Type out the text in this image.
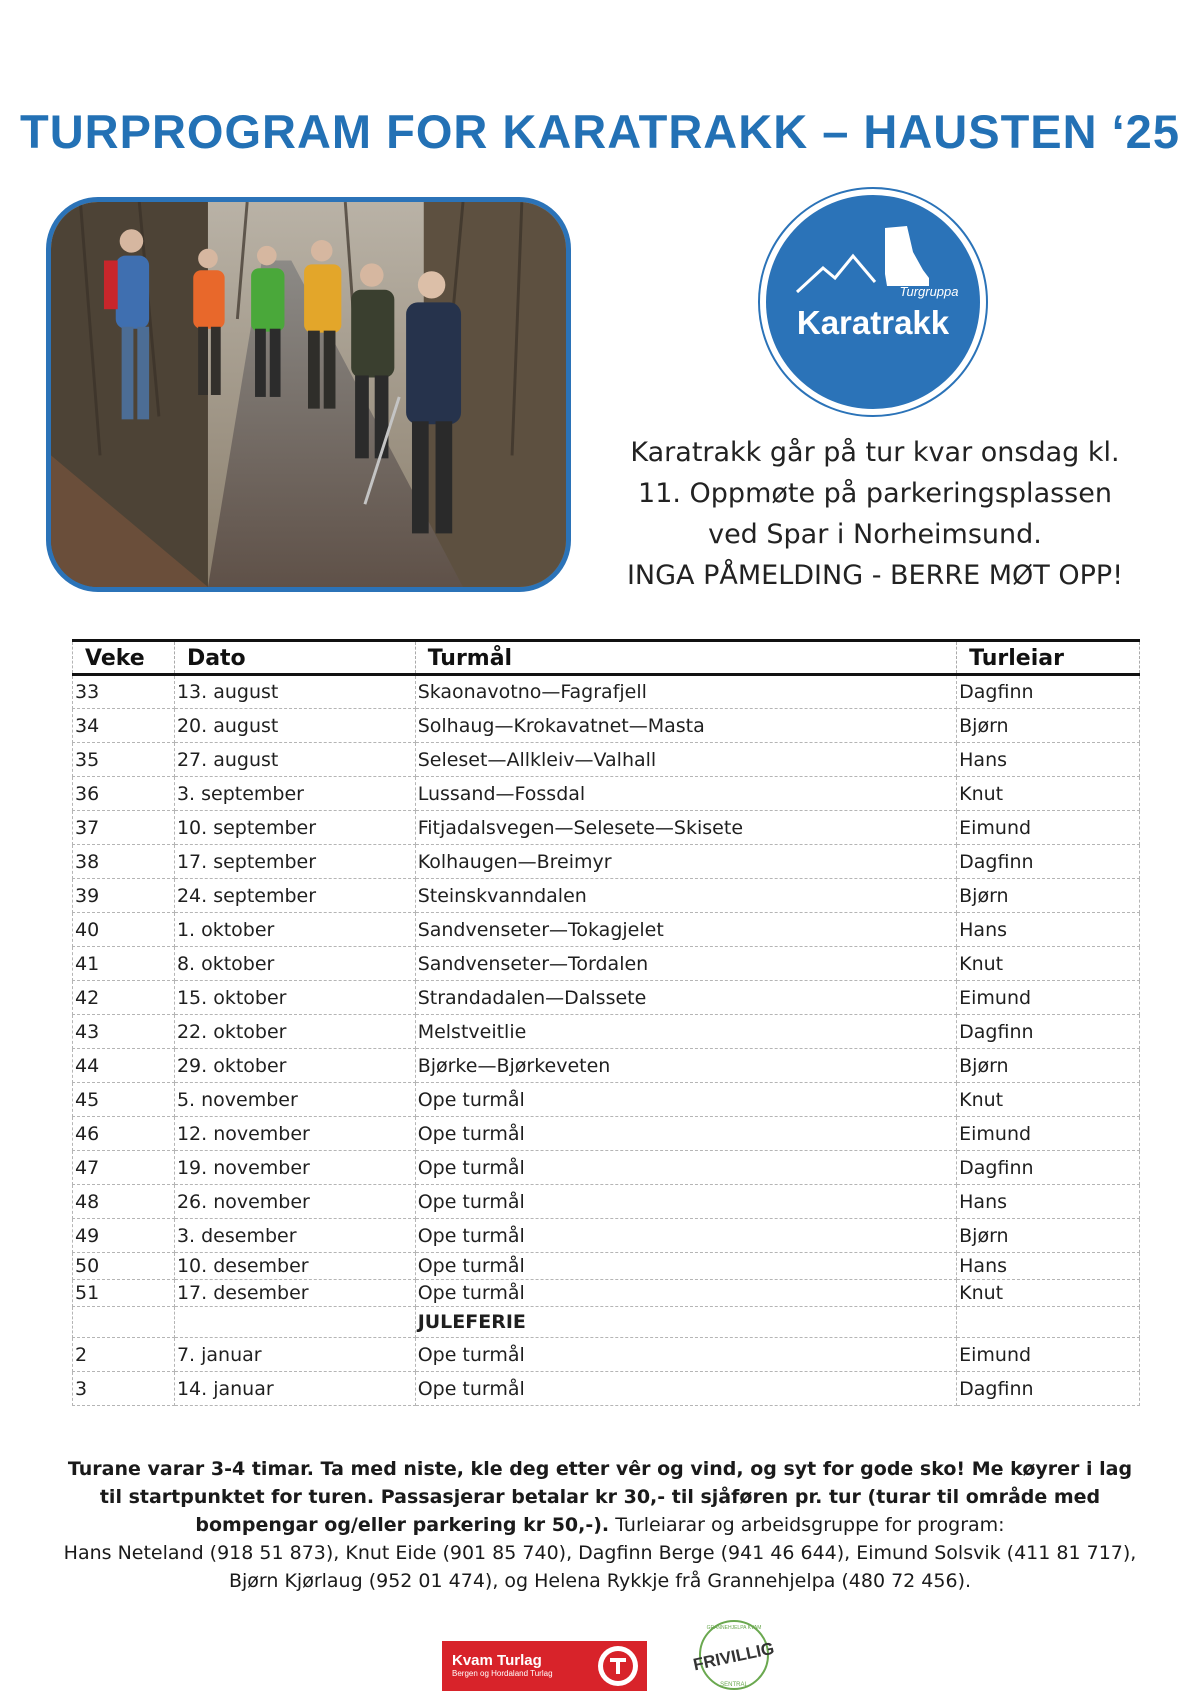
TURPROGRAM FOR KARATRAKK – HAUSTEN ‘25
Turgruppa
Karatrakk
Karatrakk går på tur kvar onsdag kl.
11. Oppmøte på parkeringsplassen
ved Spar i Norheimsund.
INGA PÅMELDING - BERRE MØT OPP!
Veke	Dato	Turmål	Turleiar
33	13. august	Skaonavotno—Fagrafjell	Dagfinn
34	20. august	Solhaug—Krokavatnet—Masta	Bjørn
35	27. august	Seleset—Allkleiv—Valhall	Hans
36	3. september	Lussand—Fossdal	Knut
37	10. september	Fitjadalsvegen—Selesete—Skisete	Eimund
38	17. september	Kolhaugen—Breimyr	Dagfinn
39	24. september	Steinskvanndalen	Bjørn
40	1. oktober	Sandvenseter—Tokagjelet	Hans
41	8. oktober	Sandvenseter—Tordalen	Knut
42	15. oktober	Strandadalen—Dalssete	Eimund
43	22. oktober	Melstveitlie	Dagfinn
44	29. oktober	Bjørke—Bjørkeveten	Bjørn
45	5. november	Ope turmål	Knut
46	12. november	Ope turmål	Eimund
47	19. november	Ope turmål	Dagfinn
48	26. november	Ope turmål	Hans
49	3. desember	Ope turmål	Bjørn
50	10. desember	Ope turmål	Hans
51	17. desember	Ope turmål	Knut
		JULEFERIE	
2	7. januar	Ope turmål	Eimund
3	14. januar	Ope turmål	Dagfinn
Turane varar 3-4 timar. Ta med niste, kle deg etter vêr og vind, og syt for gode sko! Me køyrer i lag til startpunktet for turen. Passasjerar betalar kr 30,- til sjåføren pr. tur (turar til område med bompengar og/eller parkering kr 50,-). Turleiarar og arbeidsgruppe for program:
Hans Neteland (918 51 873), Knut Eide (901 85 740), Dagfinn Berge (941 46 644), Eimund Solsvik (411 81 717),
Bjørn Kjørlaug (952 01 474), og Helena Rykkje frå Grannehjelpa (480 72 456).
Kvam Turlag
Bergen og Hordaland Turlag
GRANNEHJELPA KVAM
FRIVILLIG
SENTRAL
